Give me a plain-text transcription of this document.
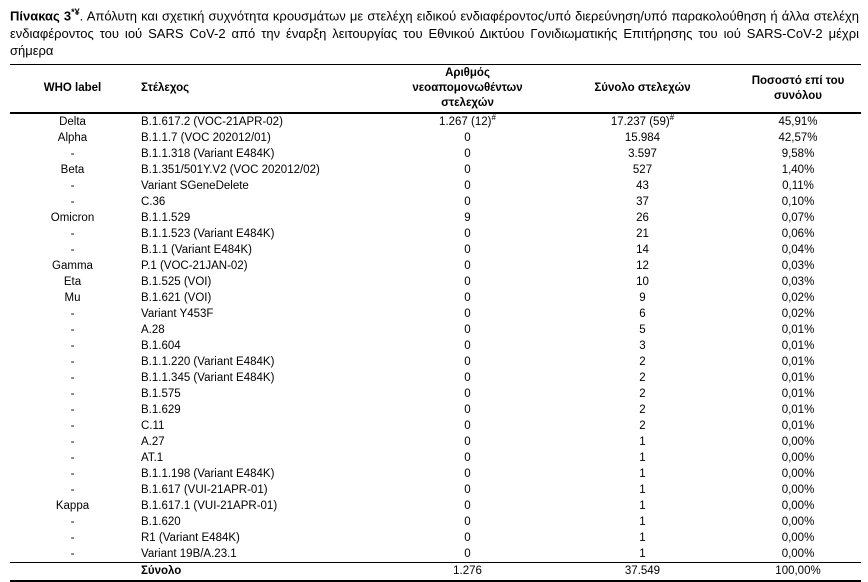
Πίνακας 3*¥. Απόλυτη και σχετική συχνότητα κρουσμάτων με στελέχη ειδικού ενδιαφέροντος/υπό διερεύνηση/υπό παρακολούθηση ή άλλα στελέχη ενδιαφέροντος του ιού SARS CoV-2 από την έναρξη λειτουργίας του Εθνικού Δικτύου Γονιδιωματικής Επιτήρησης του ιού SARS-CoV-2 μέχρι σήμερα

WHO label	Στέλεχος	Αριθμός νεοαπομονωθέντων στελεχών	Σύνολο στελεχών	Ποσοστό επί του συνόλου
Delta	B.1.617.2 (VOC-21APR-02)	1.267 (12)#	17.237 (59)#	45,91%
Alpha	B.1.1.7 (VOC 202012/01)	0	15.984	42,57%
-	B.1.1.318 (Variant E484K)	0	3.597	9,58%
Beta	B.1.351/501Y.V2 (VOC 202012/02)	0	527	1,40%
-	Variant SGeneDelete	0	43	0,11%
-	C.36	0	37	0,10%
Omicron	B.1.1.529	9	26	0,07%
-	B.1.1.523 (Variant E484K)	0	21	0,06%
-	B.1.1 (Variant E484K)	0	14	0,04%
Gamma	P.1 (VOC-21JAN-02)	0	12	0,03%
Eta	B.1.525 (VOI)	0	10	0,03%
Mu	B.1.621 (VOI)	0	9	0,02%
-	Variant Y453F	0	6	0,02%
-	A.28	0	5	0,01%
-	B.1.604	0	3	0,01%
-	B.1.1.220 (Variant E484K)	0	2	0,01%
-	B.1.1.345 (Variant E484K)	0	2	0,01%
-	B.1.575	0	2	0,01%
-	B.1.629	0	2	0,01%
-	C.11	0	2	0,01%
-	A.27	0	1	0,00%
-	AT.1	0	1	0,00%
-	B.1.1.198 (Variant E484K)	0	1	0,00%
-	B.1.617 (VUI-21APR-01)	0	1	0,00%
Kappa	B.1.617.1 (VUI-21APR-01)	0	1	0,00%
-	B.1.620	0	1	0,00%
-	R1 (Variant E484K)	0	1	0,00%
-	Variant 19B/A.23.1	0	1	0,00%
	Σύνολο	1.276	37.549	100,00%
